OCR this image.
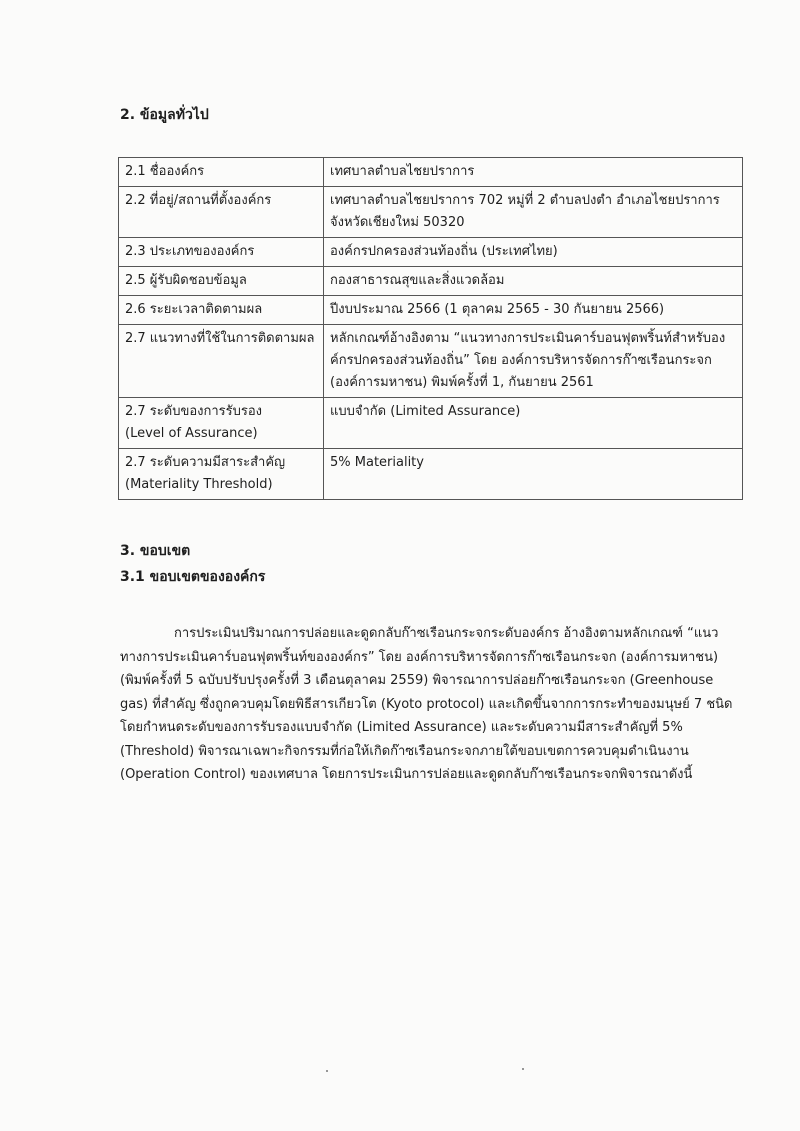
2. ข้อมูลทั่วไป
2.1 ชื่อองค์กร	เทศบาลตำบลไชยปราการ

2.2 ที่อยู่/สถานที่ตั้งองค์กร	เทศบาลตำบลไชยปราการ 702 หมู่ที่ 2 ตำบลปงตำ อำเภอไชยปราการ
จังหวัดเชียงใหม่ 50320

2.3 ประเภทขององค์กร	องค์กรปกครองส่วนท้องถิ่น (ประเทศไทย)

2.5 ผู้รับผิดชอบข้อมูล	กองสาธารณสุขและสิ่งแวดล้อม

2.6 ระยะเวลาติดตามผล	ปีงบประมาณ 2566 (1 ตุลาคม 2565 - 30 กันยายน 2566)

2.7 แนวทางที่ใช้ในการติดตามผล	หลักเกณฑ์อ้างอิงตาม “แนวทางการประเมินคาร์บอนฟุตพริ้นท์สำหรับอง
ค์กรปกครองส่วนท้องถิ่น” โดย องค์การบริหารจัดการก๊าซเรือนกระจก
(องค์การมหาชน) พิมพ์ครั้งที่ 1, กันยายน 2561

2.7 ระดับของการรับรอง
(Level of Assurance)	แบบจำกัด (Limited Assurance)

2.7 ระดับความมีสาระสำคัญ
(Materiality Threshold)	5% Materiality
3. ขอบเขต
3.1 ขอบเขตขององค์กร
การประเมินปริมาณการปล่อยและดูดกลับก๊าซเรือนกระจกระดับองค์กร อ้างอิงตามหลักเกณฑ์ “แนว
ทางการประเมินคาร์บอนฟุตพริ้นท์ขององค์กร” โดย องค์การบริหารจัดการก๊าซเรือนกระจก (องค์การมหาชน)
(พิมพ์ครั้งที่ 5 ฉบับปรับปรุงครั้งที่ 3 เดือนตุลาคม 2559) พิจารณาการปล่อยก๊าซเรือนกระจก (Greenhouse
gas) ที่สำคัญ ซึ่งถูกควบคุมโดยพิธีสารเกียวโต (Kyoto protocol) และเกิดขึ้นจากการกระทำของมนุษย์ 7 ชนิด
โดยกำหนดระดับของการรับรองแบบจำกัด (Limited Assurance) และระดับความมีสาระสำคัญที่ 5%
(Threshold) พิจารณาเฉพาะกิจกรรมที่ก่อให้เกิดก๊าซเรือนกระจกภายใต้ขอบเขตการควบคุมดำเนินงาน
(Operation Control) ของเทศบาล โดยการประเมินการปล่อยและดูดกลับก๊าซเรือนกระจกพิจารณาดังนี้
